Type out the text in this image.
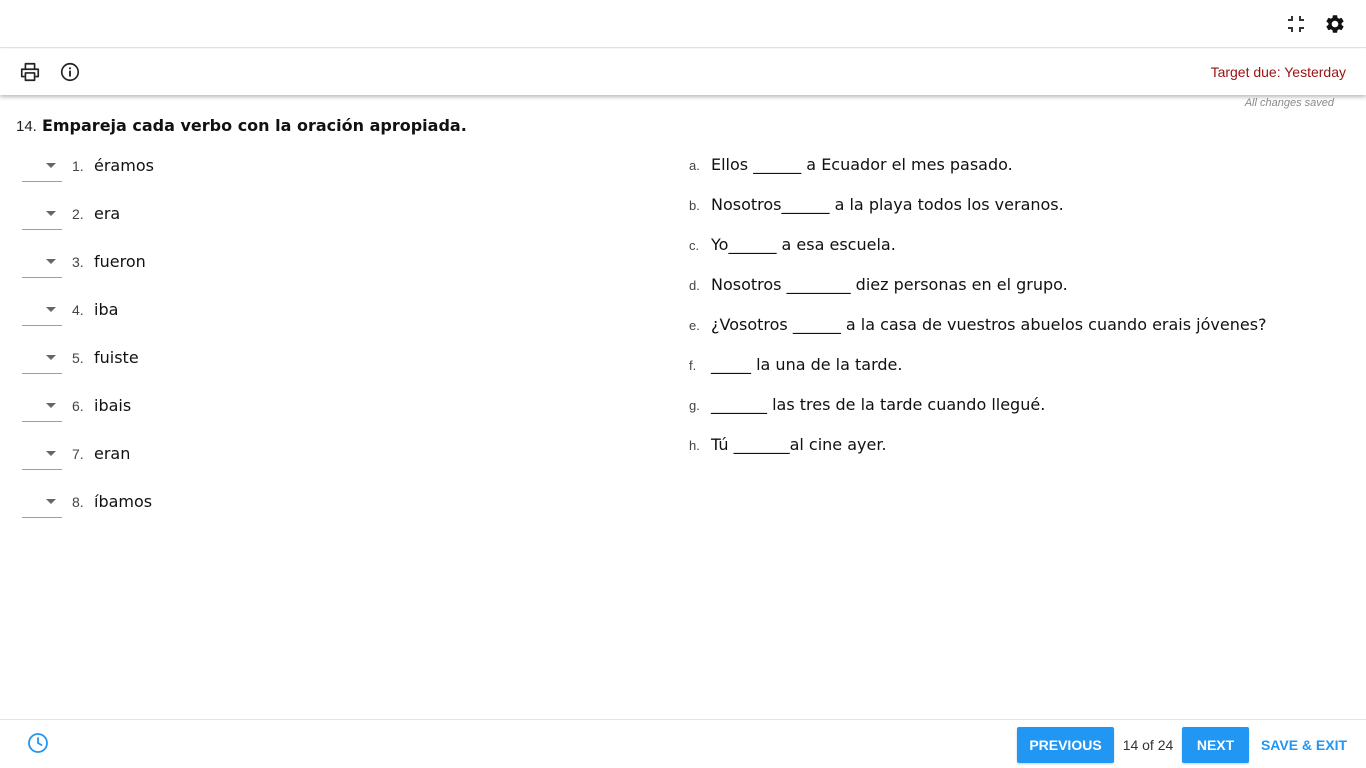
Target due: Yesterday
All changes saved
14. Empareja cada verbo con la oración apropiada.
1. éramos
2. era
3. fueron
4. iba
5. fuiste
6. ibais
7. eran
8. íbamos
a. Ellos ______ a Ecuador el mes pasado.
b. Nosotros______ a la playa todos los veranos.
c. Yo______ a esa escuela.
d. Nosotros ________ diez personas en el grupo.
e. ¿Vosotros ______ a la casa de vuestros abuelos cuando erais jóvenes?
f. _____ la una de la tarde.
g. _______ las tres de la tarde cuando llegué.
h. Tú _______al cine ayer.
PREVIOUS	14 of 24	NEXT	SAVE & EXIT
